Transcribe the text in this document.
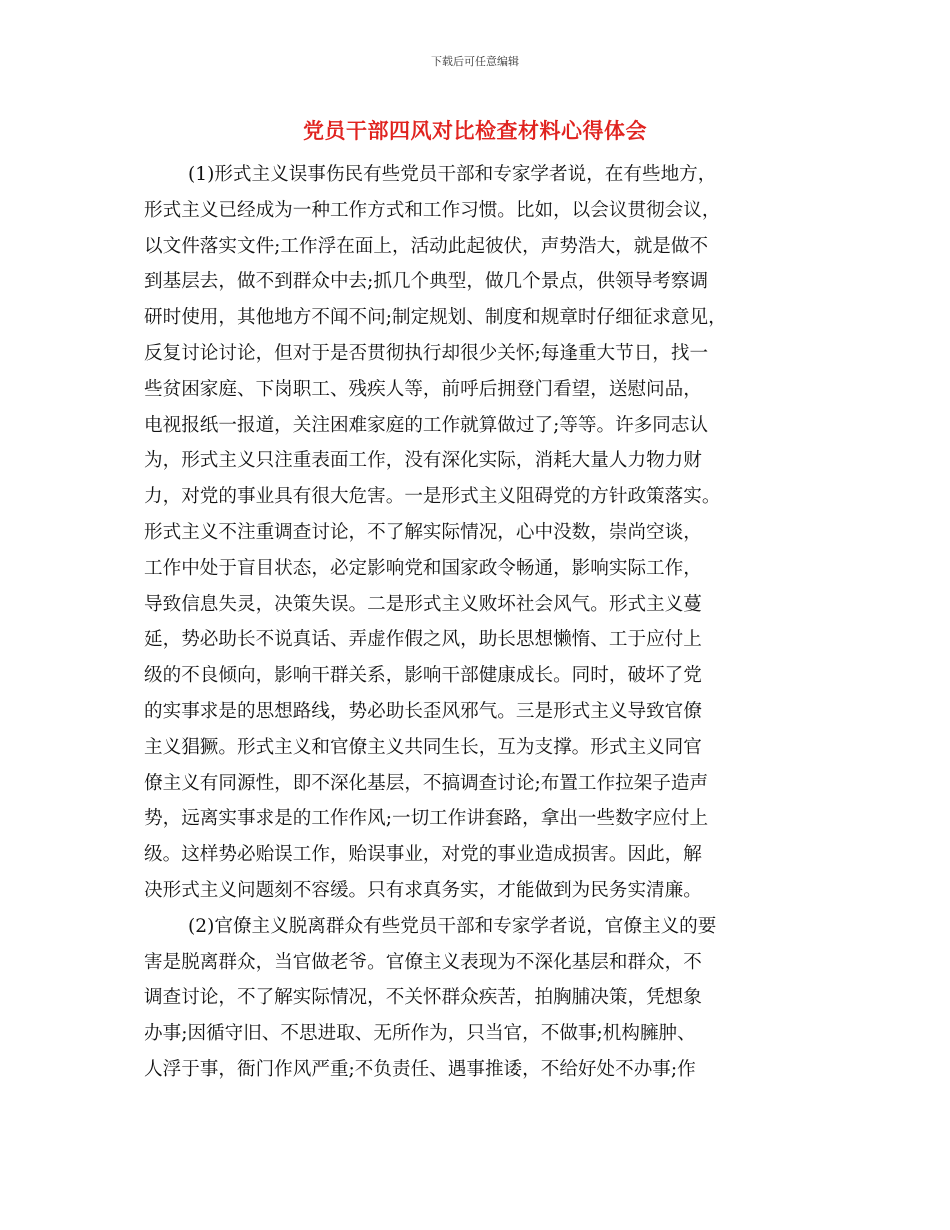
下载后可任意编辑
党员干部四风对比检查材料心得体会
(1)形式主义误事伤民有些党员干部和专家学者说，在有些地方，
形式主义已经成为一种工作方式和工作习惯。比如，以会议贯彻会议，
以文件落实文件;工作浮在面上，活动此起彼伏，声势浩大，就是做不
到基层去，做不到群众中去;抓几个典型，做几个景点，供领导考察调
研时使用，其他地方不闻不问;制定规划、制度和规章时仔细征求意见，
反复讨论讨论，但对于是否贯彻执行却很少关怀;每逢重大节日，找一
些贫困家庭、下岗职工、残疾人等，前呼后拥登门看望，送慰问品，
电视报纸一报道，关注困难家庭的工作就算做过了;等等。许多同志认
为，形式主义只注重表面工作，没有深化实际，消耗大量人力物力财
力，对党的事业具有很大危害。一是形式主义阻碍党的方针政策落实。
形式主义不注重调查讨论，不了解实际情况，心中没数，崇尚空谈，
工作中处于盲目状态，必定影响党和国家政令畅通，影响实际工作，
导致信息失灵，决策失误。二是形式主义败坏社会风气。形式主义蔓
延，势必助长不说真话、弄虚作假之风，助长思想懒惰、工于应付上
级的不良倾向，影响干群关系，影响干部健康成长。同时，破坏了党
的实事求是的思想路线，势必助长歪风邪气。三是形式主义导致官僚
主义猖獗。形式主义和官僚主义共同生长，互为支撑。形式主义同官
僚主义有同源性，即不深化基层，不搞调查讨论;布置工作拉架子造声
势，远离实事求是的工作作风;一切工作讲套路，拿出一些数字应付上
级。这样势必贻误工作，贻误事业，对党的事业造成损害。因此，解
决形式主义问题刻不容缓。只有求真务实，才能做到为民务实清廉。
(2)官僚主义脱离群众有些党员干部和专家学者说，官僚主义的要
害是脱离群众，当官做老爷。官僚主义表现为不深化基层和群众，不
调查讨论，不了解实际情况，不关怀群众疾苦，拍胸脯决策，凭想象
办事;因循守旧、不思进取、无所作为，只当官，不做事;机构臃肿、
人浮于事，衙门作风严重;不负责任、遇事推诿，不给好处不办事;作
